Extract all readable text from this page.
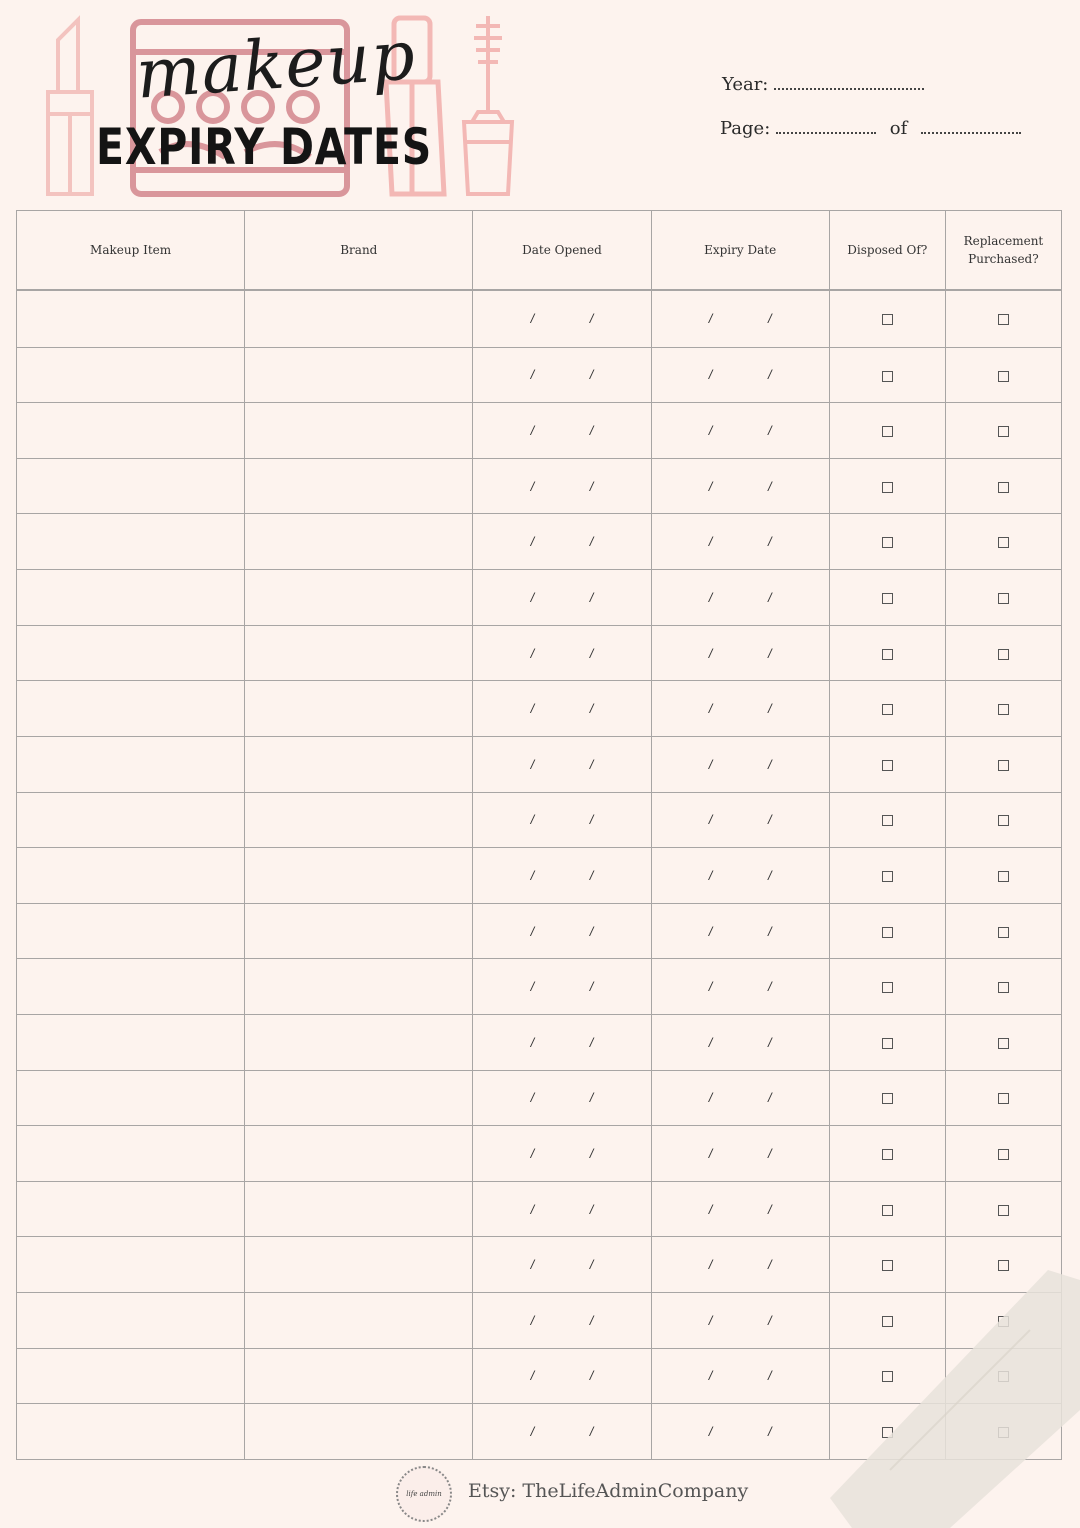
makeup
EXPIRY DATES
Year:
Page:	of
Makeup Item	Brand	Date Opened	Expiry Date	Disposed Of?	Replacement Purchased?
		/ /	/ /		
		/ /	/ /		
		/ /	/ /		
		/ /	/ /		
		/ /	/ /		
		/ /	/ /		
		/ /	/ /		
		/ /	/ /		
		/ /	/ /		
		/ /	/ /		
		/ /	/ /		
		/ /	/ /		
		/ /	/ /		
		/ /	/ /		
		/ /	/ /		
		/ /	/ /		
		/ /	/ /		
		/ /	/ /		
		/ /	/ /		
		/ /	/ /		
		/ /	/ /		
life admin	Etsy: TheLifeAdminCompany
